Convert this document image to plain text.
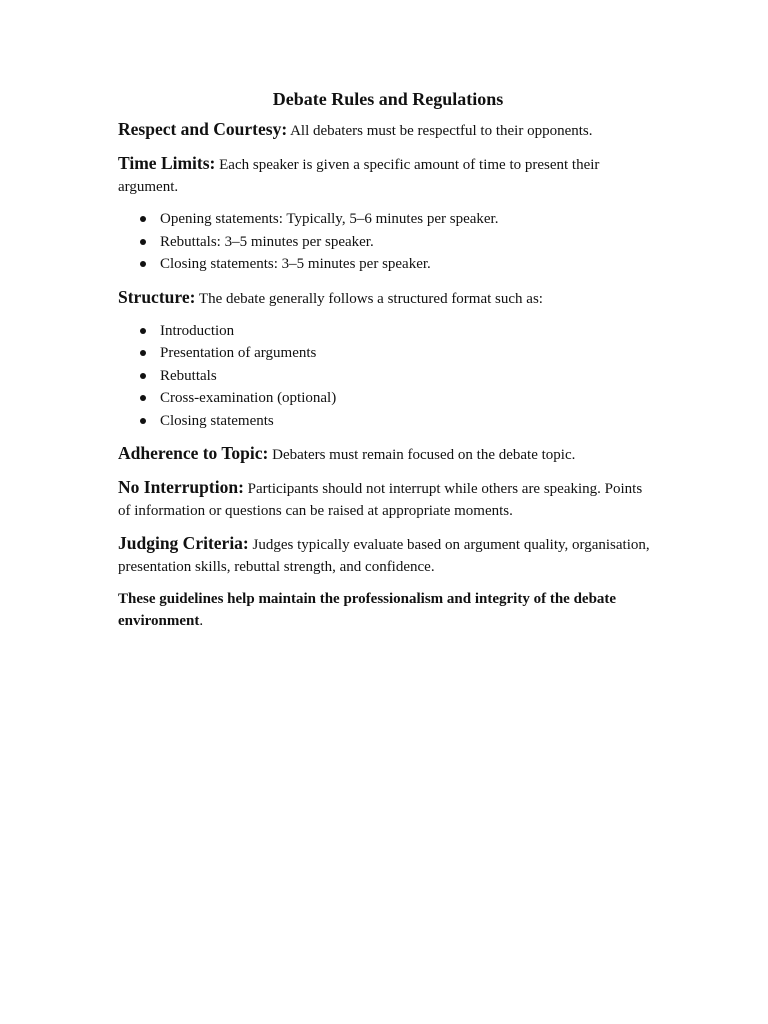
Debate Rules and Regulations

Respect and Courtesy: All debaters must be respectful to their opponents.

Time Limits: Each speaker is given a specific amount of time to present their argument.

Opening statements: Typically, 5–6 minutes per speaker.
Rebuttals: 3–5 minutes per speaker.
Closing statements: 3–5 minutes per speaker.

Structure: The debate generally follows a structured format such as:

Introduction
Presentation of arguments
Rebuttals
Cross-examination (optional)
Closing statements

Adherence to Topic: Debaters must remain focused on the debate topic.

No Interruption: Participants should not interrupt while others are speaking. Points of information or questions can be raised at appropriate moments.

Judging Criteria: Judges typically evaluate based on argument quality, organisation, presentation skills, rebuttal strength, and confidence.

These guidelines help maintain the professionalism and integrity of the debate environment.
